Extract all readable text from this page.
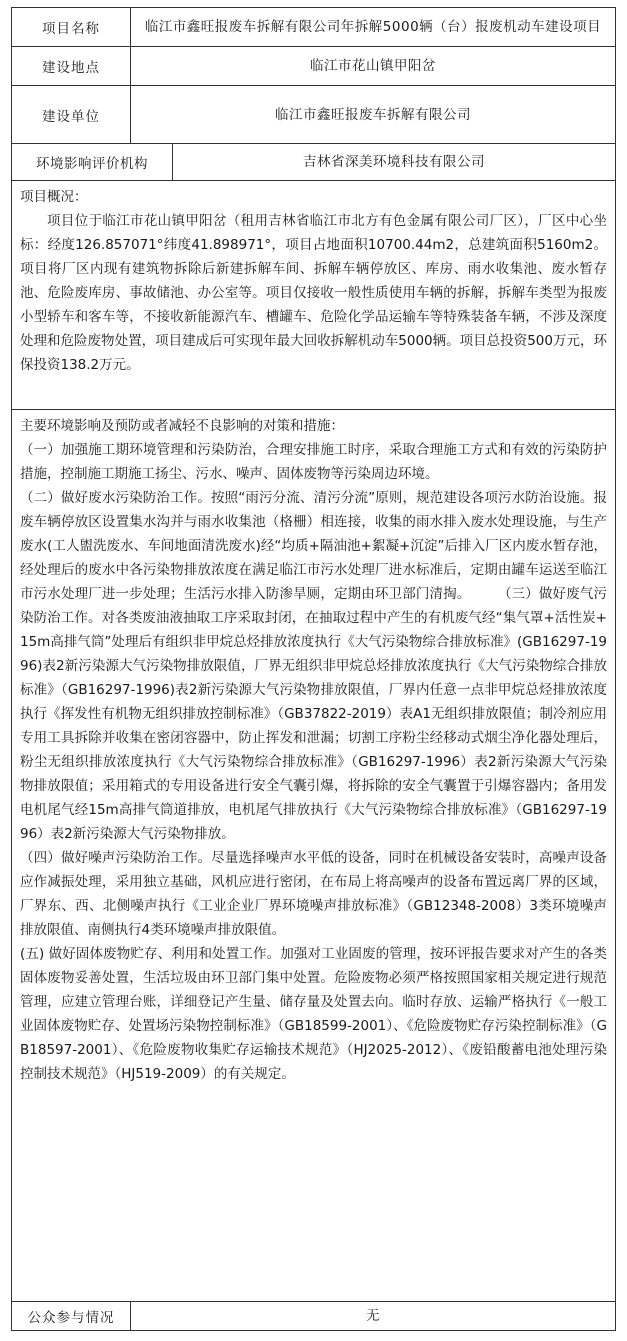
项目名称	临江市鑫旺报废车拆解有限公司年拆解5000辆（台）报废机动车建设项目
建设地点	临江市花山镇甲阳岔
建设单位	临江市鑫旺报废车拆解有限公司
环境影响评价机构	吉林省深美环境科技有限公司

项目概况：

项目位于临江市花山镇甲阳岔（租用吉林省临江市北方有色金属有限公司厂区），厂区中心坐标：经度126.857071°纬度41.898971°，项目占地面积10700.44m2，总建筑面积5160m2。项目将厂区内现有建筑物拆除后新建拆解车间、拆解车辆停放区、库房、雨水收集池、废水暂存池、危险废库房、事故储池、办公室等。项目仅接收一般性质使用车辆的拆解，拆解车类型为报废小型轿车和客车等，不接收新能源汽车、槽罐车、危险化学品运输车等特殊装备车辆，不涉及深度处理和危险废物处置，项目建成后可实现年最大回收拆解机动车5000辆。项目总投资500万元，环保投资138.2万元。

主要环境影响及预防或者减轻不良影响的对策和措施：

（一）加强施工期环境管理和污染防治，合理安排施工时序，采取合理施工方式和有效的污染防护措施，控制施工期施工扬尘、污水、噪声、固体废物等污染周边环境。

（二）做好废水污染防治工作。按照“雨污分流、清污分流”原则，规范建设各项污水防治设施。报废车辆停放区设置集水沟并与雨水收集池（格栅）相连接，收集的雨水排入废水处理设施，与生产废水(工人盥洗废水、车间地面清洗废水)经“均质+隔油池+絮凝+沉淀”后排入厂区内废水暂存池，经处理后的废水中各污染物排放浓度在满足临江市污水处理厂进水标准后，定期由罐车运送至临江市污水处理厂进一步处理；生活污水排入防渗旱厕，定期由环卫部门清掏。　　　（三）做好废气污染防治工作。对各类废油液抽取工序采取封闭，在抽取过程中产生的有机废气经“集气罩+活性炭+15m高排气筒”处理后有组织非甲烷总烃排放浓度执行《大气污染物综合排放标准》(GB16297-1996)表2新污染源大气污染物排放限值，厂界无组织非甲烷总烃排放浓度执行《大气污染物综合排放标准》（GB16297-1996)表2新污染源大气污染物排放限值，厂界内任意一点非甲烷总烃排放浓度执行《挥发性有机物无组织排放控制标准》（GB37822-2019）表A1无组织排放限值；制冷剂应用专用工具拆除并收集在密闭容器中，防止挥发和泄漏；切割工序粉尘经移动式烟尘净化器处理后，粉尘无组织排放浓度执行《大气污染物综合排放标准》（GB16297-1996）表2新污染源大气污染物排放限值；采用箱式的专用设备进行安全气囊引爆，将拆除的安全气囊置于引爆容器内；备用发电机尾气经15m高排气筒道排放，电机尾气排放执行《大气污染物综合排放标准》（GB16297-1996）表2新污染源大气污染物排放。

（四）做好噪声污染防治工作。尽量选择噪声水平低的设备，同时在机械设备安装时，高噪声设备应作减振处理，采用独立基础，风机应进行密闭，在布局上将高噪声的设备布置远离厂界的区域，厂界东、西、北侧噪声执行《工业企业厂界环境噪声排放标准》（GB12348-2008）3类环境噪声排放限值、南侧执行4类环境噪声排放限值。

(五) 做好固体废物贮存、利用和处置工作。加强对工业固废的管理，按环评报告要求对产生的各类固体废物妥善处置，生活垃圾由环卫部门集中处置。危险废物必须严格按照国家相关规定进行规范管理，应建立管理台账，详细登记产生量、储存量及处置去向。临时存放、运输严格执行《一般工业固体废物贮存、处置场污染物控制标准》（GB18599-2001）、《危险废物贮存污染控制标准》（GB18597-2001）、《危险废物收集贮存运输技术规范》（HJ2025-2012）、《废铅酸蓄电池处理污染控制技术规范》（HJ519-2009）的有关规定。

公众参与情况	无
